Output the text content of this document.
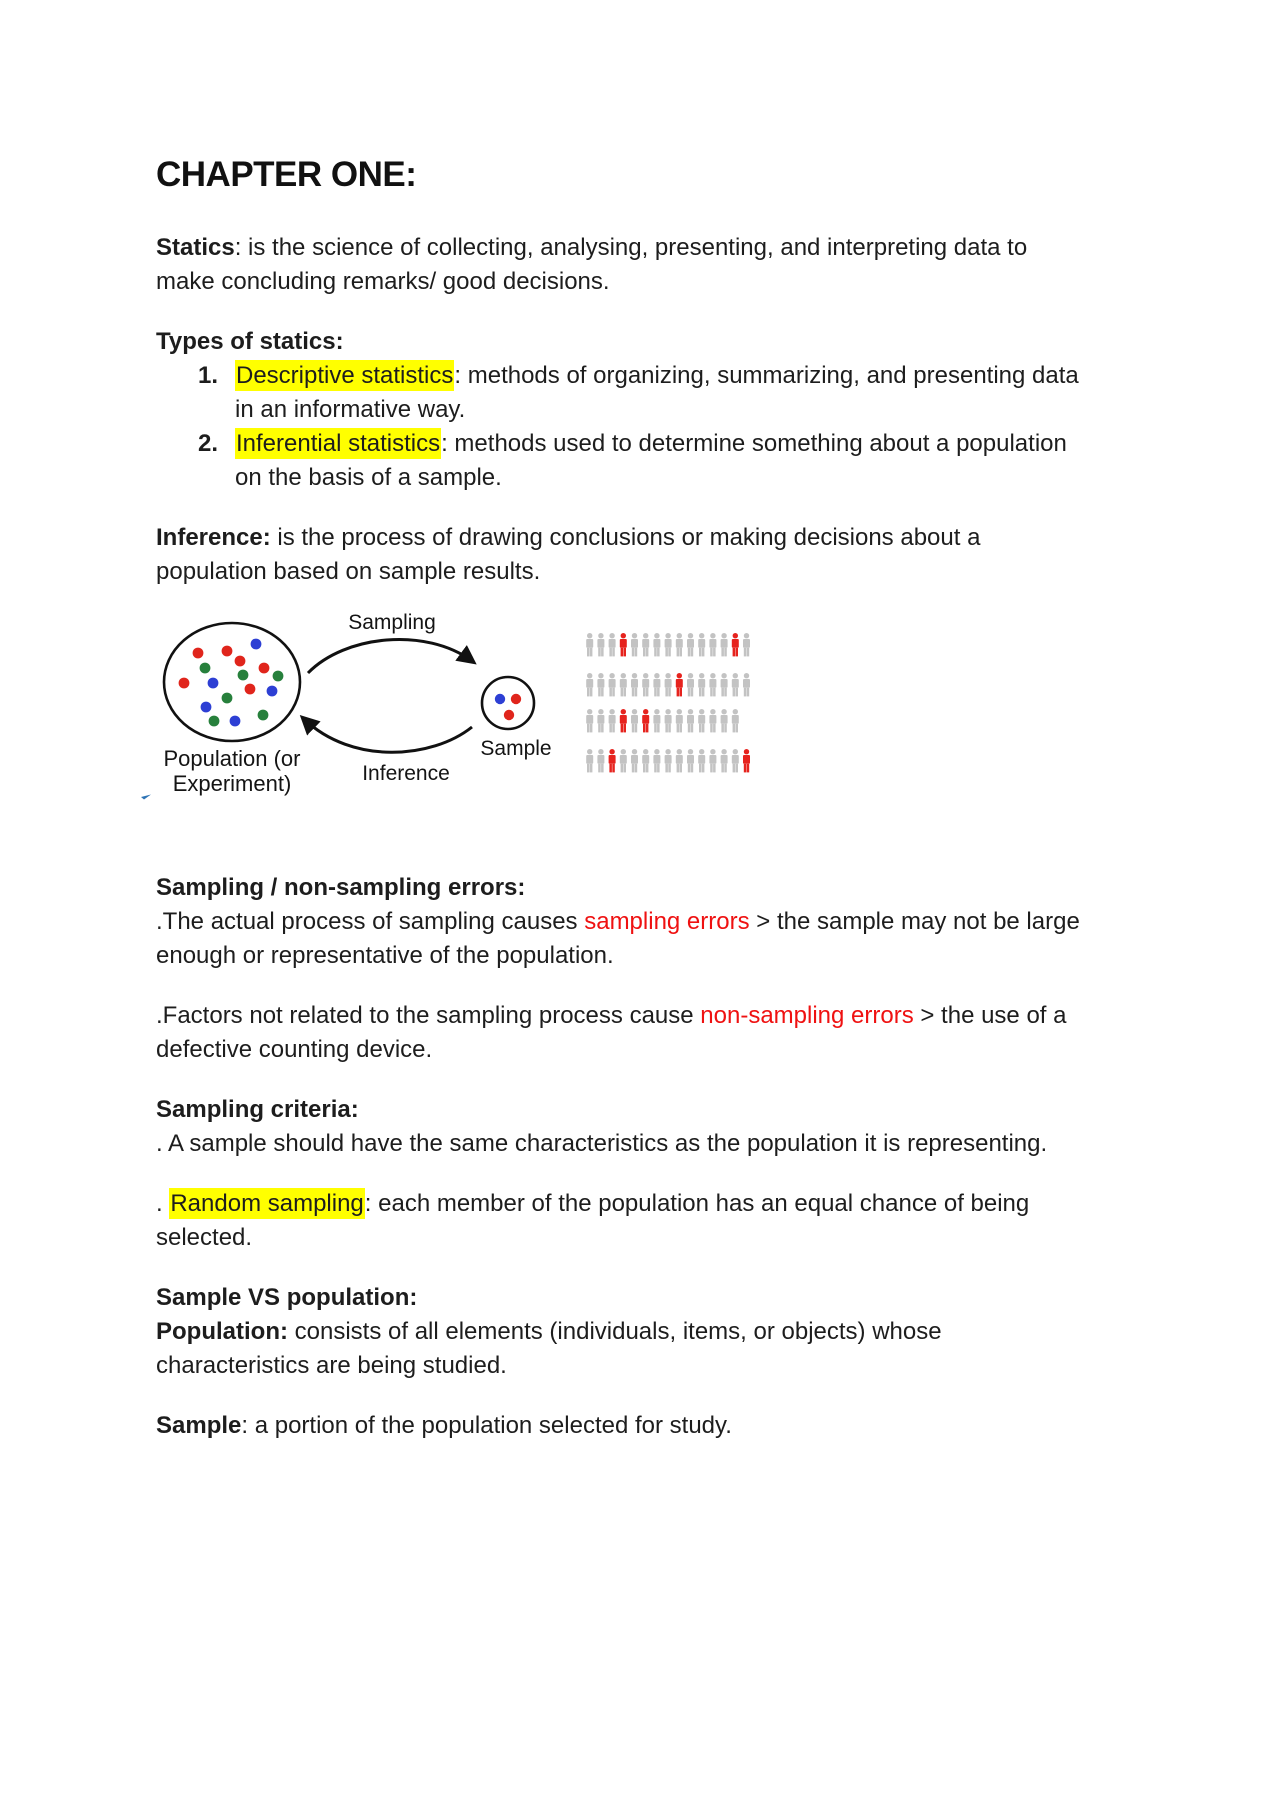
CHAPTER ONE:
Statics: is the science of collecting, analysing, presenting, and interpreting data to
make concluding remarks/ good decisions.
Types of statics:
1. Descriptive statistics: methods of organizing, summarizing, and presenting data
in an informative way.
2. Inferential statistics: methods used to determine something about a population
on the basis of a sample.
Inference: is the process of drawing conclusions or making decisions about a
population based on sample results.
Sampling
Inference
Sample
Population (or
Experiment)
Sampling / non-sampling errors:
.The actual process of sampling causes sampling errors > the sample may not be large
enough or representative of the population.
.Factors not related to the sampling process cause non-sampling errors > the use of a
defective counting device.
Sampling criteria:
. A sample should have the same characteristics as the population it is representing.
. Random sampling: each member of the population has an equal chance of being
selected.
Sample VS population:
Population: consists of all elements (individuals, items, or objects) whose
characteristics are being studied.
Sample: a portion of the population selected for study.
